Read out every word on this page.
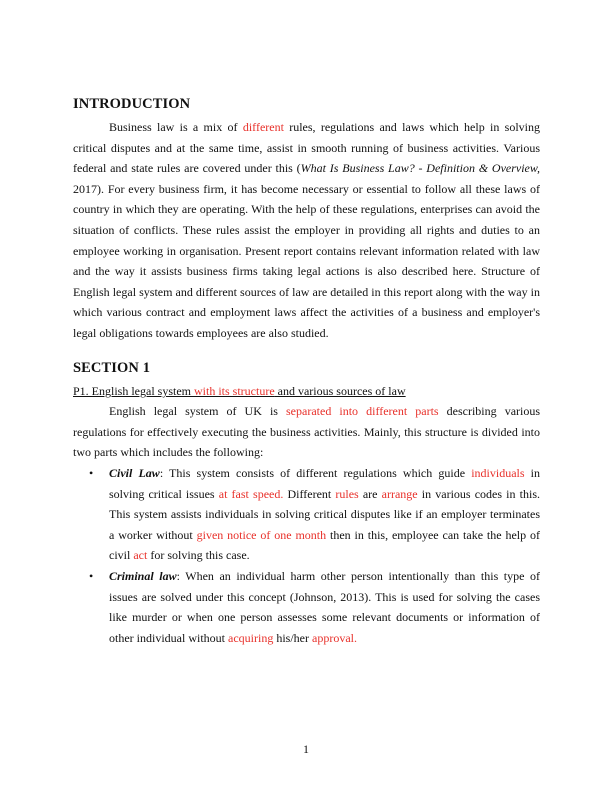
INTRODUCTION

Business law is a mix of different rules, regulations and laws which help in solving critical disputes and at the same time, assist in smooth running of business activities. Various federal and state rules are covered under this (What Is Business Law? - Definition & Overview, 2017). For every business firm, it has become necessary or essential to follow all these laws of country in which they are operating. With the help of these regulations, enterprises can avoid the situation of conflicts. These rules assist the employer in providing all rights and duties to an employee working in organisation. Present report contains relevant information related with law and the way it assists business firms taking legal actions is also described here. Structure of English legal system and different sources of law are detailed in this report along with the way in which various contract and employment laws affect the activities of a business and employer's legal obligations towards employees are also studied.

SECTION 1

P1. English legal system with its structure and various sources of law

English legal system of UK is separated into different parts describing various regulations for effectively executing the business activities. Mainly, this structure is divided into two parts which includes the following:

• Civil Law: This system consists of different regulations which guide individuals in solving critical issues at fast speed. Different rules are arrange in various codes in this. This system assists individuals in solving critical disputes like if an employer terminates a worker without given notice of one month then in this, employee can take the help of civil act for solving this case.
• Criminal law: When an individual harm other person intentionally than this type of issues are solved under this concept (Johnson, 2013). This is used for solving the cases like murder or when one person assesses some relevant documents or information of other individual without acquiring his/her approval.
1
